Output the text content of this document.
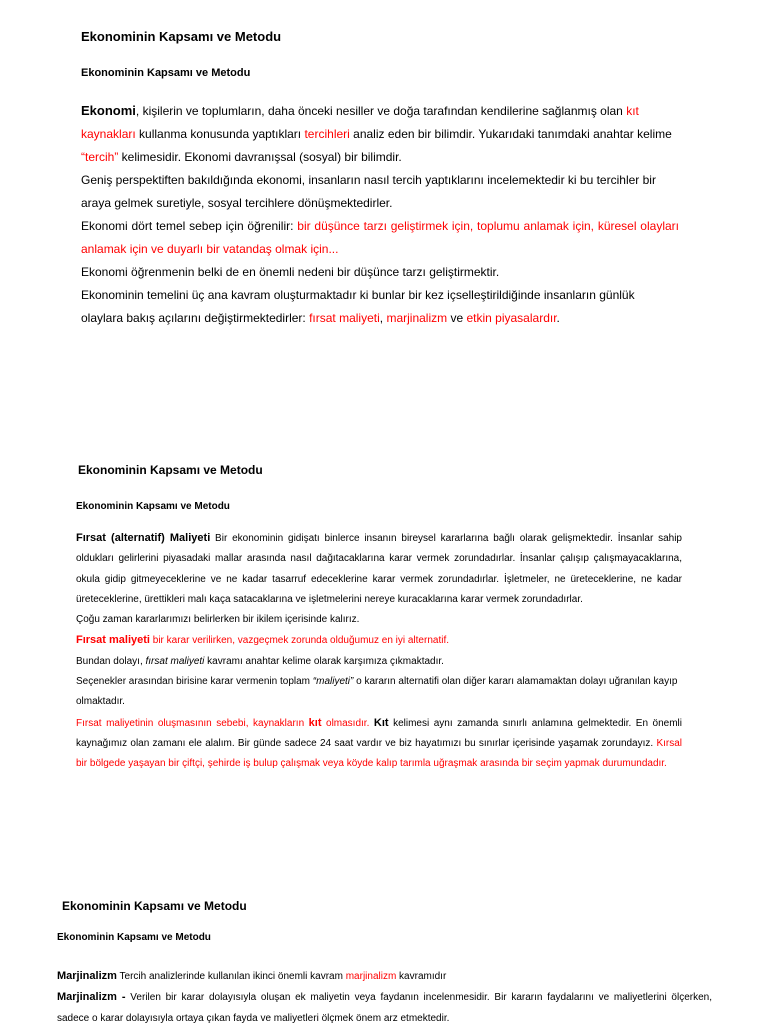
Ekonominin Kapsamı ve Metodu
Ekonominin Kapsamı ve Metodu

Ekonomi, kişilerin ve toplumların, daha önceki nesiller ve doğa tarafından kendilerine sağlanmış olan kıt kaynakları kullanma konusunda yaptıkları tercihleri analiz eden bir bilimdir. Yukarıdaki tanımdaki anahtar kelime “tercih” kelimesidir. Ekonomi davranışsal (sosyal) bir bilimdir.

Geniş perspektiften bakıldığında ekonomi, insanların nasıl tercih yaptıklarını incelemektedir ki bu tercihler bir araya gelmek suretiyle, sosyal tercihlere dönüşmektedirler.

Ekonomi dört temel sebep için öğrenilir: bir düşünce tarzı geliştirmek için, toplumu anlamak için, küresel olayları anlamak için ve duyarlı bir vatandaş olmak için...

Ekonomi öğrenmenin belki de en önemli nedeni bir düşünce tarzı geliştirmektir.

Ekonominin temelini üç ana kavram oluşturmaktadır ki bunlar bir kez içselleştirildiğinde insanların günlük olaylara bakış açılarını değiştirmektedirler: fırsat maliyeti, marjinalizm ve etkin piyasalardır.

Ekonominin Kapsamı ve Metodu
Ekonominin Kapsamı ve Metodu

Fırsat (alternatif) Maliyeti Bir ekonominin gidişatı binlerce insanın bireysel kararlarına bağlı olarak gelişmektedir. İnsanlar sahip oldukları gelirlerini piyasadaki mallar arasında nasıl dağıtacaklarına karar vermek zorundadırlar. İnsanlar çalışıp çalışmayacaklarına, okula gidip gitmeyeceklerine ve ne kadar tasarruf edeceklerine karar vermek zorundadırlar. İşletmeler, ne üreteceklerine, ne kadar üreteceklerine, ürettikleri malı kaça satacaklarına ve işletmelerini nereye kuracaklarına karar vermek zorundadırlar.

Çoğu zaman kararlarımızı belirlerken bir ikilem içerisinde kalırız.

Fırsat maliyeti bir karar verilirken, vazgeçmek zorunda olduğumuz en iyi alternatif.

Bundan dolayı, fırsat maliyeti kavramı anahtar kelime olarak karşımıza çıkmaktadır.

Seçenekler arasından birisine karar vermenin toplam “maliyeti” o kararın alternatifi olan diğer kararı alamamaktan dolayı uğranılan kayıp olmaktadır.

Fırsat maliyetinin oluşmasının sebebi, kaynakların kıt olmasıdır. Kıt kelimesi aynı zamanda sınırlı anlamına gelmektedir. En önemli kaynağımız olan zamanı ele alalım. Bir günde sadece 24 saat vardır ve biz hayatımızı bu sınırlar içerisinde yaşamak zorundayız. Kırsal bir bölgede yaşayan bir çiftçi, şehirde iş bulup çalışmak veya köyde kalıp tarımla uğraşmak arasında bir seçim yapmak durumundadır.

Ekonominin Kapsamı ve Metodu
Ekonominin Kapsamı ve Metodu

Marjinalizm Tercih analizlerinde kullanılan ikinci önemli kavram marjinalizm kavramıdır

Marjinalizm - Verilen bir karar dolayısıyla oluşan ek maliyetin veya faydanın incelenmesidir. Bir kararın faydalarını ve maliyetlerini ölçerken, sadece o karar dolayısıyla ortaya çıkan fayda ve maliyetleri ölçmek önem arz etmektedir.
